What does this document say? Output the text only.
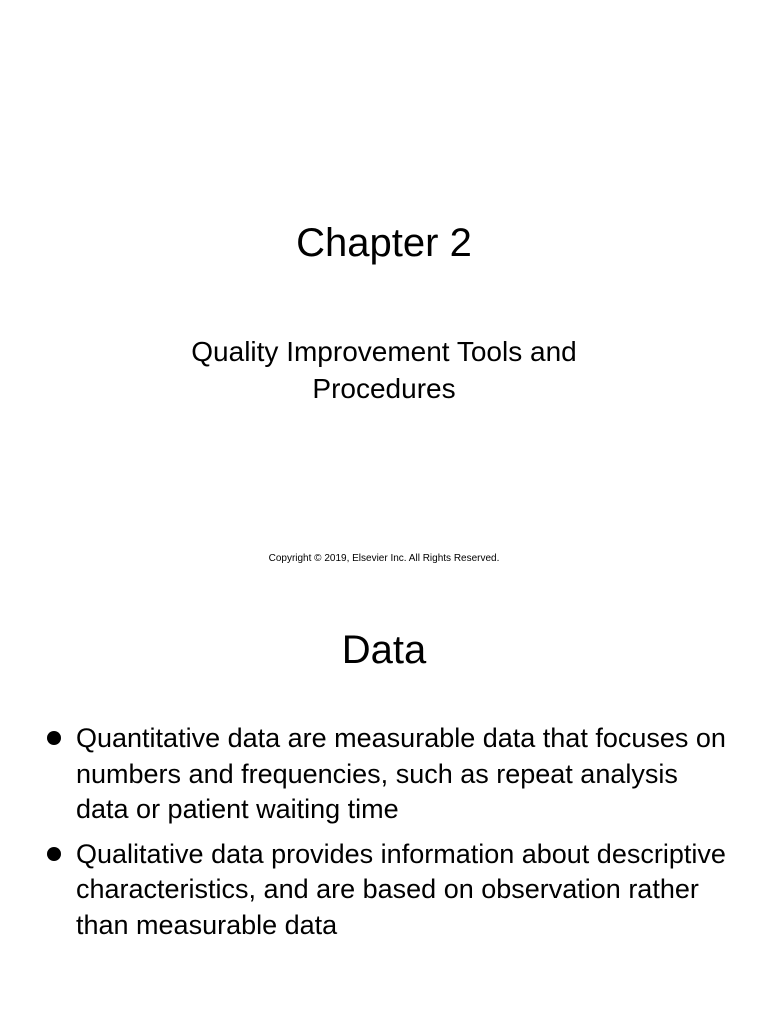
Chapter 2
Quality Improvement Tools and Procedures

Copyright © 2019, Elsevier Inc. All Rights Reserved.

Data
Quantitative data are measurable data that focuses on numbers and frequencies, such as repeat analysis data or patient waiting time
Qualitative data provides information about descriptive characteristics, and are based on observation rather than measurable data
